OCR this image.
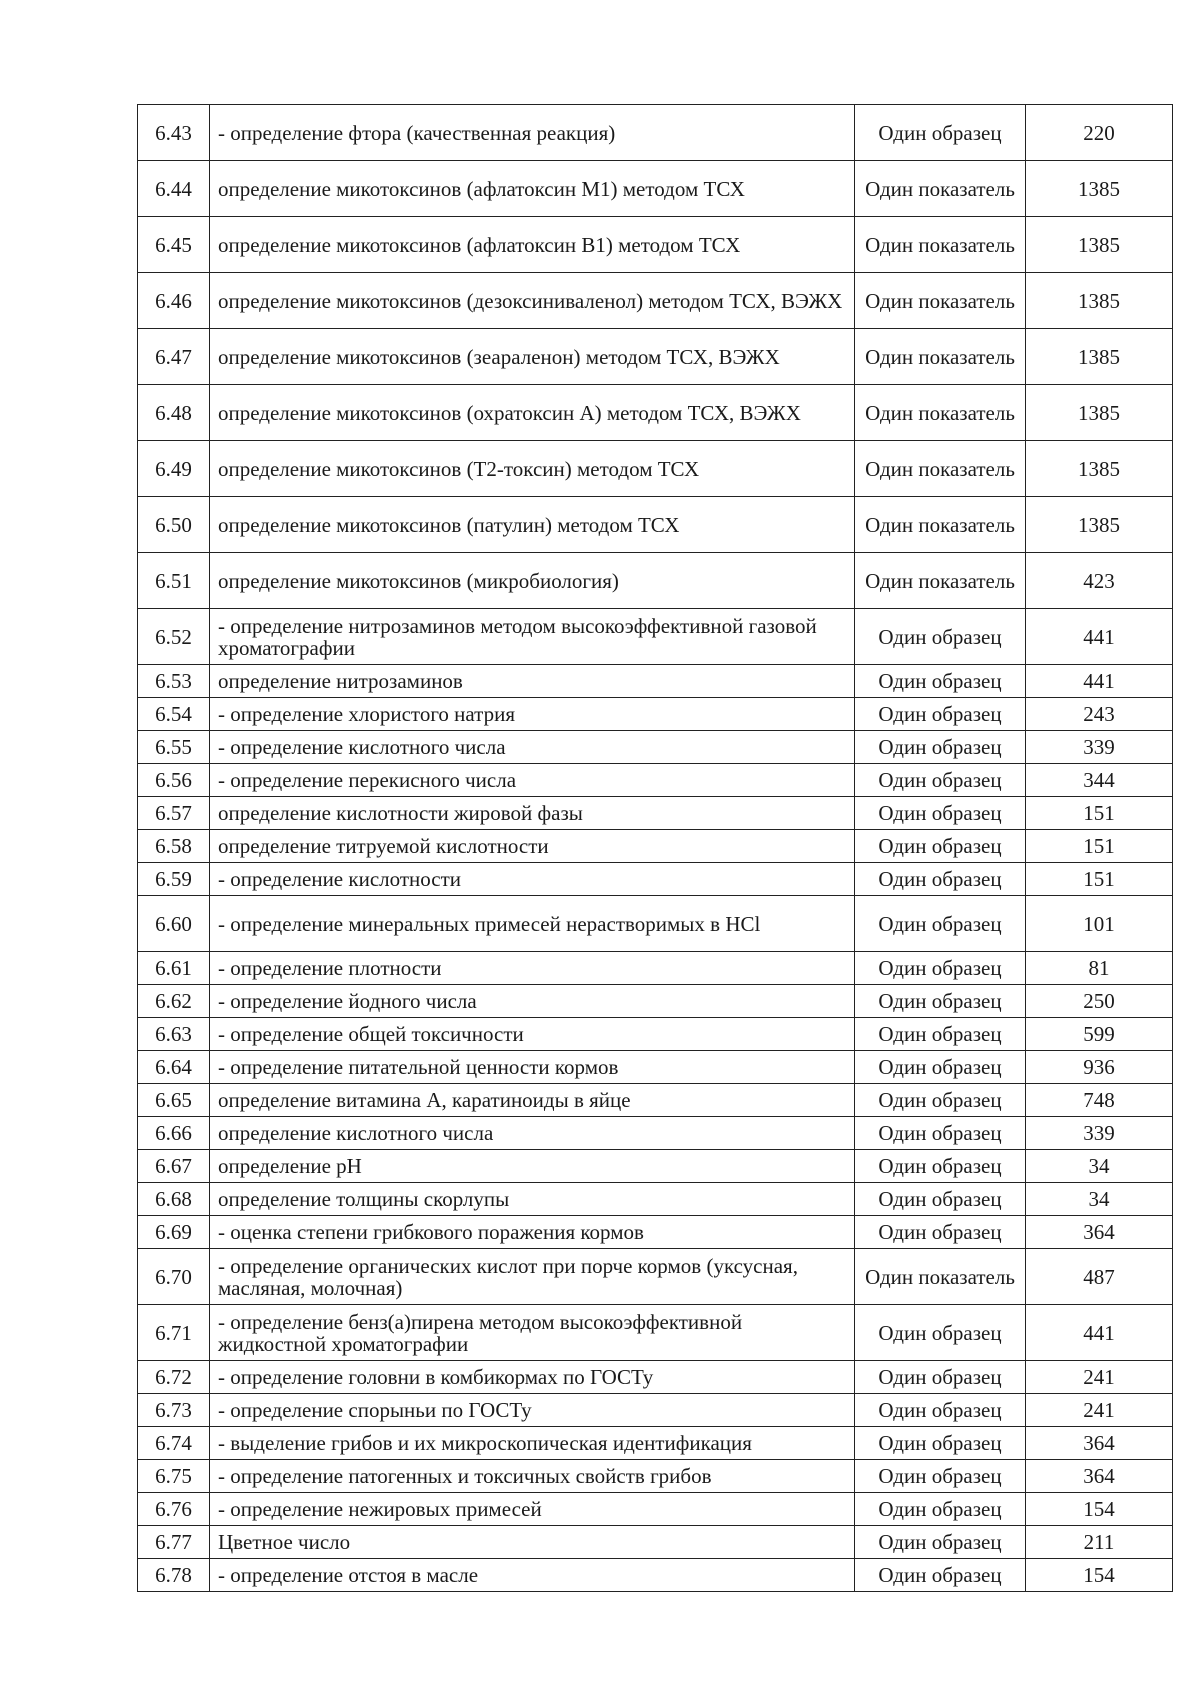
6.43	- определение фтора (качественная реакция)	Один образец	220
6.44	определение микотоксинов (афлатоксин М1) методом ТСХ	Один показатель	1385
6.45	определение микотоксинов (афлатоксин В1) методом ТСХ	Один показатель	1385
6.46	определение микотоксинов (дезоксиниваленол) методом ТСХ, ВЭЖХ	Один показатель	1385
6.47	определение микотоксинов (зеараленон) методом ТСХ, ВЭЖХ	Один показатель	1385
6.48	определение микотоксинов (охратоксин А) методом ТСХ, ВЭЖХ	Один показатель	1385
6.49	определение микотоксинов (Т2-токсин) методом ТСХ	Один показатель	1385
6.50	определение микотоксинов (патулин) методом ТСХ	Один показатель	1385
6.51	определение микотоксинов (микробиология)	Один показатель	423
6.52	- определение нитрозаминов методом высокоэффективной газовой хроматографии	Один образец	441
6.53	определение нитрозаминов	Один образец	441
6.54	- определение хлористого натрия	Один образец	243
6.55	- определение кислотного числа	Один образец	339
6.56	- определение перекисного числа	Один образец	344
6.57	определение кислотности жировой фазы	Один образец	151
6.58	определение титруемой кислотности	Один образец	151
6.59	- определение кислотности	Один образец	151
6.60	- определение минеральных примесей нерастворимых в HCl	Один образец	101
6.61	- определение плотности	Один образец	81
6.62	- определение йодного числа	Один образец	250
6.63	- определение общей токсичности	Один образец	599
6.64	- определение питательной ценности кормов	Один образец	936
6.65	определение витамина А, каратиноиды в яйце	Один образец	748
6.66	определение кислотного числа	Один образец	339
6.67	определение pH	Один образец	34
6.68	определение толщины скорлупы	Один образец	34
6.69	- оценка степени грибкового поражения кормов	Один образец	364
6.70	- определение органических кислот при порче кормов (уксусная, масляная, молочная)	Один показатель	487
6.71	- определение бенз(а)пирена методом высокоэффективной жидкостной хроматографии	Один образец	441
6.72	- определение головни в комбикормах по ГОСТу	Один образец	241
6.73	- определение спорыньи по ГОСТу	Один образец	241
6.74	- выделение грибов и их микроскопическая идентификация	Один образец	364
6.75	- определение патогенных и токсичных свойств грибов	Один образец	364
6.76	- определение нежировых примесей	Один образец	154
6.77	Цветное число	Один образец	211
6.78	- определение отстоя в масле	Один образец	154
